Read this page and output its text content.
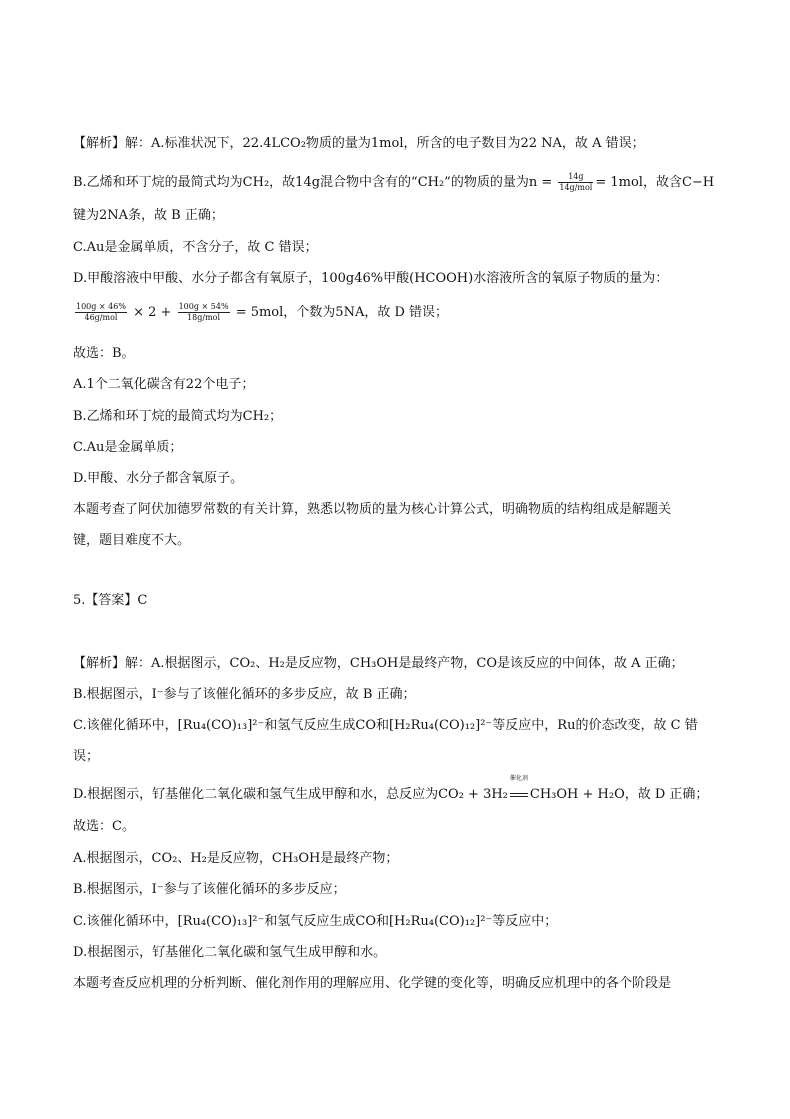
【解析】解：A.标准状况下，22.4LCO₂物质的量为1mol，所含的电子数目为22 NA，故 A 错误；
B.乙烯和环丁烷的最简式均为CH₂，故14g混合物中含有的“CH₂”的物质的量为$n = \frac{14g}{\text{14g/mol}} = 1mol$，故含C−H
键为2NA条，故 B 正确；
C.Au是金属单质，不含分子，故 C 错误；
D.甲酸溶液中甲酸、水分子都含有氧原子，100g46%甲酸(HCOOH)水溶液所含的氧原子物质的量为：
$\frac{100g \times 46\%}{\text{46g/mol}} \times 2 + \frac{100g \times 54\%}{\text{18g/mol}} = 5mol$，个数为5NA，故 D 错误；
故选：B。
A.1个二氧化碳含有22个电子；
B.乙烯和环丁烷的最简式均为CH₂；
C.Au是金属单质；
D.甲酸、水分子都含氧原子。
本题考查了阿伏加德罗常数的有关计算，熟悉以物质的量为核心计算公式，明确物质的结构组成是解题关
键，题目难度不大。
5.【答案】C
【解析】解：A.根据图示，CO₂、H₂是反应物，CH₃OH是最终产物，CO是该反应的中间体，故 A 正确；
B.根据图示，I⁻参与了该催化循环的多步反应，故 B 正确；
C.该催化循环中，[Ru₄(CO)₁₃]²⁻和氢气反应生成CO和[H₂Ru₄(CO)₁₂]²⁻等反应中，Ru的价态改变，故 C 错
误；
D.根据图示，钌基催化二氧化碳和氢气生成甲醇和水，总反应为CO₂ + 3H₂
催化剂
CH₃OH + H₂O，故 D 正确；
故选：C。
A.根据图示，CO₂、H₂是反应物，CH₃OH是最终产物；
B.根据图示，I⁻参与了该催化循环的多步反应；
C.该催化循环中，[Ru₄(CO)₁₃]²⁻和氢气反应生成CO和[H₂Ru₄(CO)₁₂]²⁻等反应中；
D.根据图示，钌基催化二氧化碳和氢气生成甲醇和水。
本题考查反应机理的分析判断、催化剂作用的理解应用、化学键的变化等，明确反应机理中的各个阶段是
